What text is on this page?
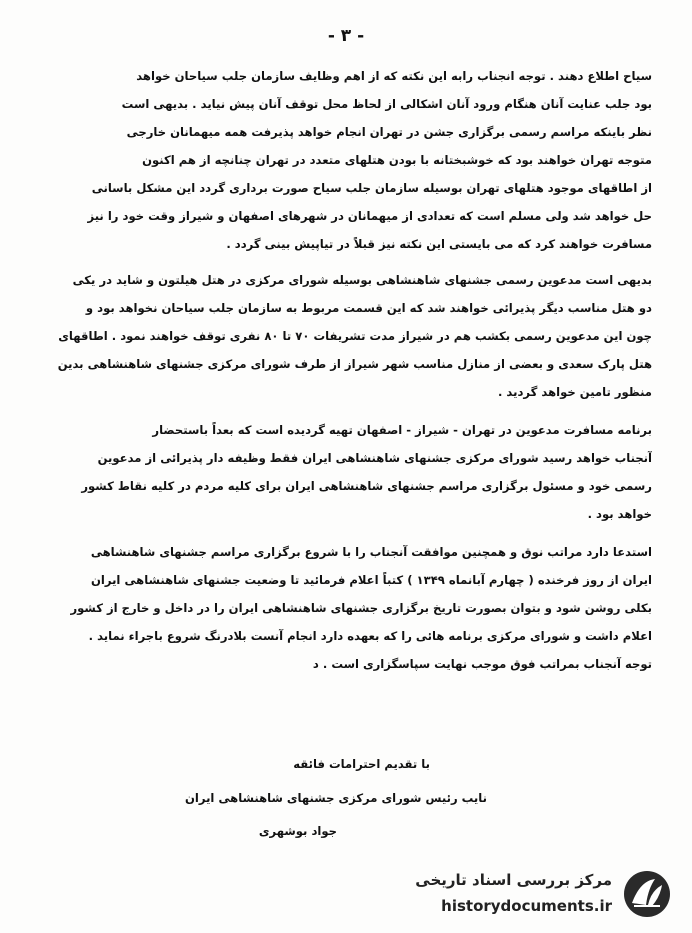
- ۳ -
سیاح اطلاع دهند . توجه انجناب رابه این نکته که از اهم وظایف سازمان جلب سیاحان خواهد
بود جلب عنایت آنان هنگام ورود آنان اشکالی از لحاظ محل توقف آنان پیش نیاید . بدیهی است
نظر باینکه مراسم رسمی برگزاری جشن در تهران انجام خواهد پذیرفت همه میهمانان خارجی
متوجه تهران خواهند بود که خوشبختانه با بودن هتلهای متعدد در تهران چنانچه از هم اکنون
از اطاقهای موجود هتلهای تهران بوسیله سازمان جلب سیاح صورت برداری گردد این مشکل باسانی
حل خواهد شد ولی مسلم است که تعدادی از میهمانان در شهرهای اصفهان و شیراز وقت خود را نیز
مسافرت خواهند کرد که می بایستی این نکته نیز قبلاً در تیاپیش بینی گردد .
بدیهی است مدعوین رسمی جشنهای شاهنشاهی بوسیله شورای مرکزی در هتل هیلتون و شاید در یکی
دو هتل مناسب دیگر پذیرائی خواهند شد که این قسمت مربوط به سازمان جلب سیاحان نخواهد بود و
چون این مدعوین رسمی بکشب هم در شیراز مدت تشریفات ۷۰ تا ۸۰ نفری توقف خواهند نمود . اطاقهای
هتل پارک سعدی و بعضی از منازل مناسب شهر شیراز از طرف شورای مرکزی جشنهای شاهنشاهی بدین
منظور تامین خواهد گردید .
برنامه مسافرت مدعوین در تهران - شیراز - اصفهان تهیه گردیده است که بعداً باستحضار
آنجناب خواهد رسید شورای مرکزی جشنهای شاهنشاهی ایران فقط وظیفه دار پذیرائی از مدعوین
رسمی خود و مسئول برگزاری مراسم جشنهای شاهنشاهی ایران برای کلیه مردم در کلیه نقاط کشور
خواهد بود .
استدعا دارد مراتب نوق و همچنین موافقت آنجناب را با شروع برگزاری مراسم جشنهای شاهنشاهی
ایران از روز فرخنده ( چهارم آبانماه ۱۳۴۹ ) کتباً اعلام فرمائید تا وضعیت جشنهای شاهنشاهی ایران
بکلی روشن شود و بتوان بصورت تاریخ برگزاری جشنهای شاهنشاهی ایران را در داخل و خارج از کشور
اعلام داشت و شورای مرکزی برنامه هائی را که بعهده دارد انجام آنست بلادرنگ شروع باجراء نماید .
توجه آنجناب بمراتب فوق موجب نهایت سپاسگزاری است . د
با تقدیم احترامات فائقه
نایب رئیس شورای مرکزی جشنهای شاهنشاهی ایران
جواد بوشهری
مرکز بررسی اسناد تاریخی
historydocuments.ir
